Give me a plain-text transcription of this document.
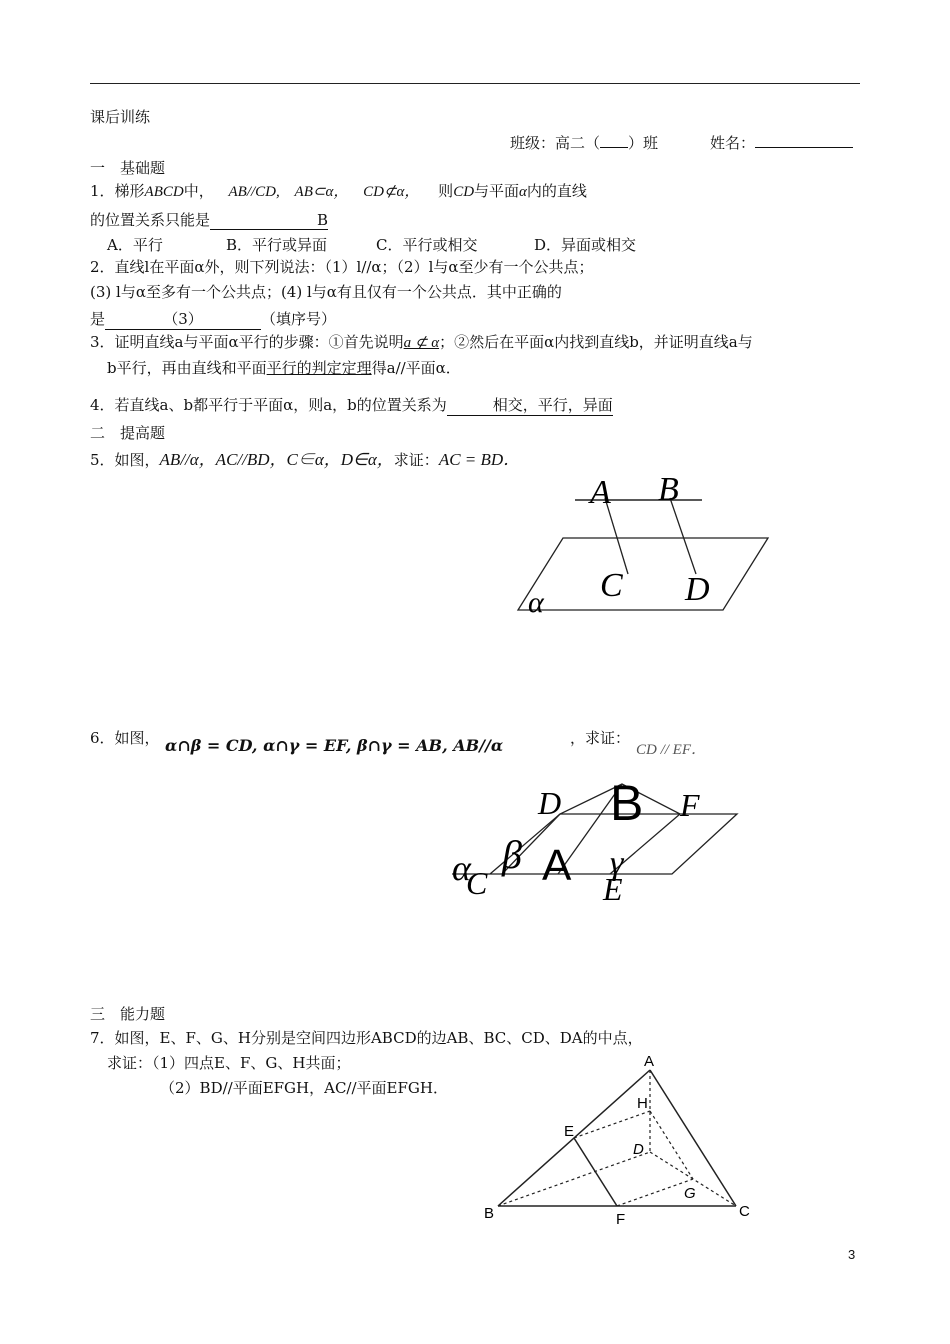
课后训练
班级：高二（ ）班	姓名：
一　基础题
1．梯形ABCD中， AB//CD, AB⊂α， CD⊄α， 则CD与平面α内的直线
的位置关系只能是	B
A．平行	B．平行或异面	C．平行或相交	D．异面或相交
2．直线l在平面α外，则下列说法：（1）l//α；（2）l与α至少有一个公共点；
(3) l与α至多有一个公共点；(4) l与α有且仅有一个公共点．其中正确的
是	（3）	（填序号）
3．证明直线a与平面α平行的步骤：①首先说明a ⊄ α；②然后在平面α内找到直线b，并证明直线a与
b平行，再由直线和平面平行的判定定理得a//平面α．
4．若直线a、b都平行于平面α，则a，b的位置关系为	相交，平行，异面
二　提高题
5．如图，AB//α，AC//BD，C∈α，D∈α，求证：AC = BD．
A B
C D
α
6．如图， α∩β = CD, α∩γ = EF, β∩γ = AB, AB//α	，求证：
CD // EF．
D B F
α β A γ
C	E
三　能力题
7．如图，E、F、G、H分别是空间四边形ABCD的边AB、BC、CD、DA的中点，
求证：（1）四点E、F、G、H共面；
（2）BD//平面EFGH，AC//平面EFGH．
A
H
E
D
G
B	F	C
3
